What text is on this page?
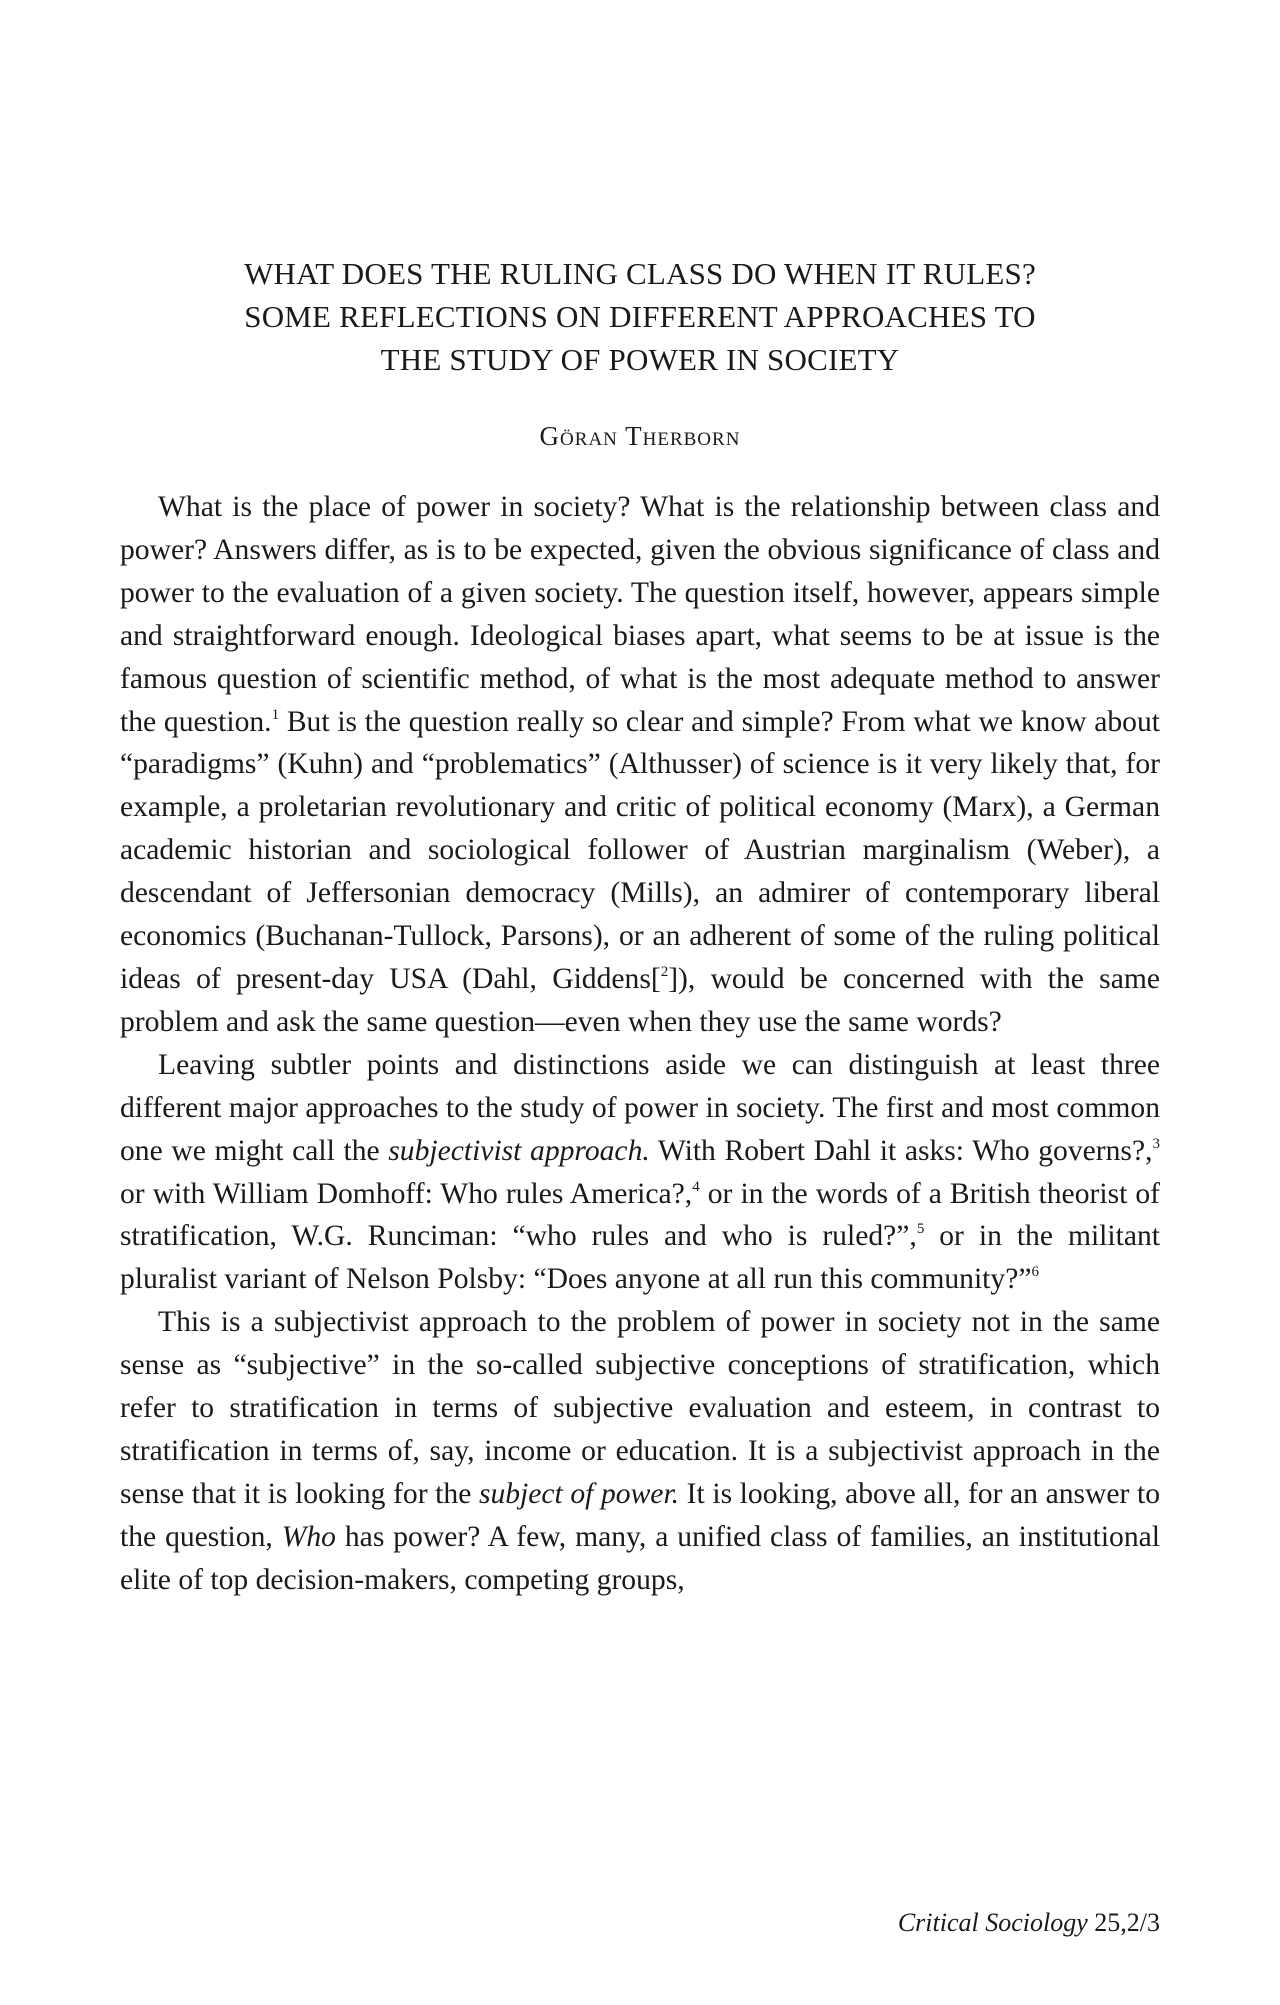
WHAT DOES THE RULING CLASS DO WHEN IT RULES?
SOME REFLECTIONS ON DIFFERENT APPROACHES TO
THE STUDY OF POWER IN SOCIETY
Göran Therborn

What is the place of power in society? What is the relationship between class and power? Answers differ, as is to be expected, given the obvious significance of class and power to the evaluation of a given society. The question itself, however, appears simple and straightforward enough. Ideological biases apart, what seems to be at issue is the famous question of scientific method, of what is the most adequate method to answer the question.$^1$ But is the question really so clear and simple? From what we know about “paradigms” (Kuhn) and “problematics” (Althusser) of science is it very likely that, for example, a proletarian revolutionary and critic of political economy (Marx), a German academic historian and sociological follower of Austrian marginalism (Weber), a descendant of Jeffersonian democracy (Mills), an admirer of contemporary liberal economics (Buchanan-Tullock, Parsons), or an adherent of some of the ruling political ideas of present-day USA (Dahl, Giddens[$^2$]), would be concerned with the same problem and ask the same question—even when they use the same words?

Leaving subtler points and distinctions aside we can distinguish at least three different major approaches to the study of power in society. The first and most common one we might call the subjectivist approach. With Robert Dahl it asks: Who governs?,$^3$ or with William Domhoff: Who rules America?,$^4$ or in the words of a British theorist of stratification, W.G. Runciman: “who rules and who is ruled?”,$^5$ or in the militant pluralist variant of Nelson Polsby: “Does anyone at all run this community?”$^6$

This is a subjectivist approach to the problem of power in society not in the same sense as “subjective” in the so-called subjective conceptions of stratification, which refer to stratification in terms of subjective evaluation and esteem, in contrast to stratification in terms of, say, income or education. It is a subjectivist approach in the sense that it is looking for the subject of power. It is looking, above all, for an answer to the question, Who has power? A few, many, a unified class of families, an institutional elite of top decision-makers, competing groups,

Critical Sociology 25,2/3
